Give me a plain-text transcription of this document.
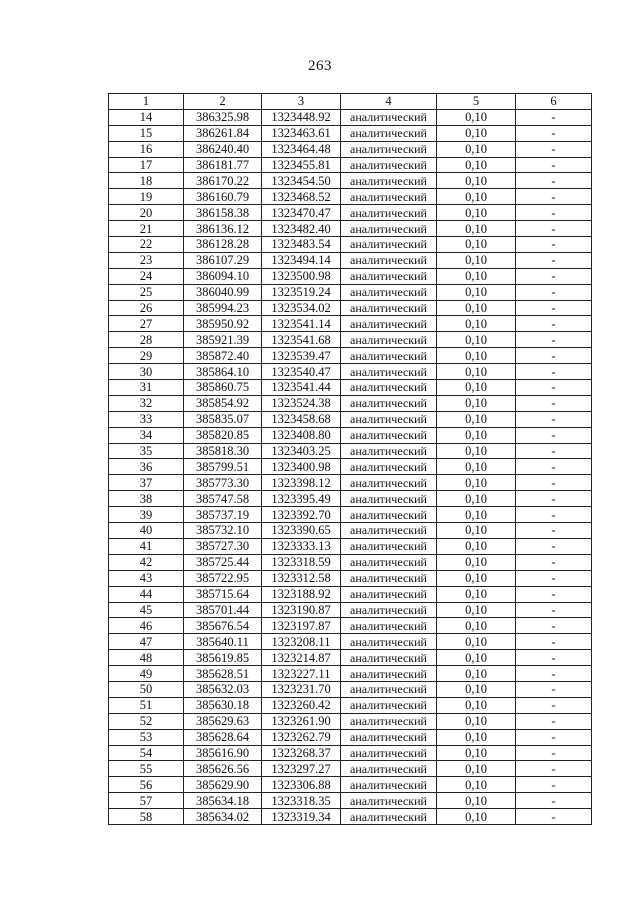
263
1	2	3	4	5	6
14	386325.98	1323448.92	аналитический	0,10	-
15	386261.84	1323463.61	аналитический	0,10	-
16	386240.40	1323464.48	аналитический	0,10	-
17	386181.77	1323455.81	аналитический	0,10	-
18	386170.22	1323454.50	аналитический	0,10	-
19	386160.79	1323468.52	аналитический	0,10	-
20	386158.38	1323470.47	аналитический	0,10	-
21	386136.12	1323482.40	аналитический	0,10	-
22	386128.28	1323483.54	аналитический	0,10	-
23	386107.29	1323494.14	аналитический	0,10	-
24	386094.10	1323500.98	аналитический	0,10	-
25	386040.99	1323519.24	аналитический	0,10	-
26	385994.23	1323534.02	аналитический	0,10	-
27	385950.92	1323541.14	аналитический	0,10	-
28	385921.39	1323541.68	аналитический	0,10	-
29	385872.40	1323539.47	аналитический	0,10	-
30	385864.10	1323540.47	аналитический	0,10	-
31	385860.75	1323541.44	аналитический	0,10	-
32	385854.92	1323524.38	аналитический	0,10	-
33	385835.07	1323458.68	аналитический	0,10	-
34	385820.85	1323408.80	аналитический	0,10	-
35	385818.30	1323403.25	аналитический	0,10	-
36	385799.51	1323400.98	аналитический	0,10	-
37	385773.30	1323398.12	аналитический	0,10	-
38	385747.58	1323395.49	аналитический	0,10	-
39	385737.19	1323392.70	аналитический	0,10	-
40	385732.10	1323390.65	аналитический	0,10	-
41	385727.30	1323333.13	аналитический	0,10	-
42	385725.44	1323318.59	аналитический	0,10	-
43	385722.95	1323312.58	аналитический	0,10	-
44	385715.64	1323188.92	аналитический	0,10	-
45	385701.44	1323190.87	аналитический	0,10	-
46	385676.54	1323197.87	аналитический	0,10	-
47	385640.11	1323208.11	аналитический	0,10	-
48	385619.85	1323214.87	аналитический	0,10	-
49	385628.51	1323227.11	аналитический	0,10	-
50	385632.03	1323231.70	аналитический	0,10	-
51	385630.18	1323260.42	аналитический	0,10	-
52	385629.63	1323261.90	аналитический	0,10	-
53	385628.64	1323262.79	аналитический	0,10	-
54	385616.90	1323268.37	аналитический	0,10	-
55	385626.56	1323297.27	аналитический	0,10	-
56	385629.90	1323306.88	аналитический	0,10	-
57	385634.18	1323318.35	аналитический	0,10	-
58	385634.02	1323319.34	аналитический	0,10	-
